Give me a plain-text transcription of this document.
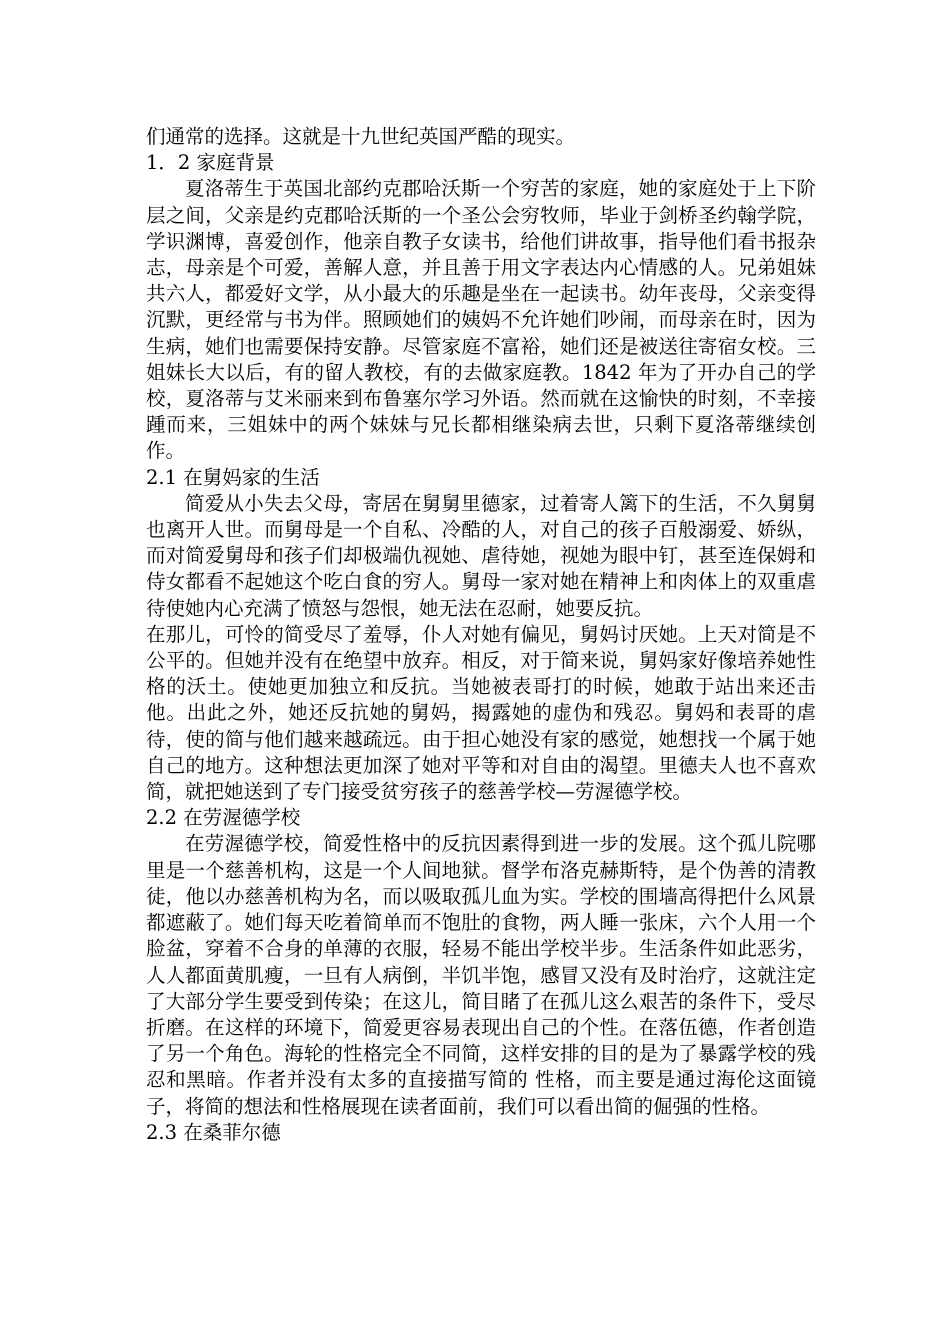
们通常的选择。这就是十九世纪英国严酷的现实。

1．2 家庭背景

夏洛蒂生于英国北部约克郡哈沃斯一个穷苦的家庭，她的家庭处于上下阶层之间，父亲是约克郡哈沃斯的一个圣公会穷牧师，毕业于剑桥圣约翰学院，学识渊博，喜爱创作，他亲自教子女读书，给他们讲故事，指导他们看书报杂志，母亲是个可爱，善解人意，并且善于用文字表达内心情感的人。兄弟姐妹共六人，都爱好文学，从小最大的乐趣是坐在一起读书。幼年丧母，父亲变得沉默，更经常与书为伴。照顾她们的姨妈不允许她们吵闹，而母亲在时，因为生病，她们也需要保持安静。尽管家庭不富裕，她们还是被送往寄宿女校。三姐妹长大以后，有的留人教校，有的去做家庭教。1842 年为了开办自己的学校，夏洛蒂与艾米丽来到布鲁塞尔学习外语。然而就在这愉快的时刻，不幸接踵而来，三姐妹中的两个妹妹与兄长都相继染病去世，只剩下夏洛蒂继续创作。

2.1 在舅妈家的生活

简爱从小失去父母，寄居在舅舅里德家，过着寄人篱下的生活，不久舅舅也离开人世。而舅母是一个自私、冷酷的人，对自己的孩子百般溺爱、娇纵，而对简爱舅母和孩子们却极端仇视她、虐待她，视她为眼中钉，甚至连保姆和侍女都看不起她这个吃白食的穷人。舅母一家对她在精神上和肉体上的双重虐待使她内心充满了愤怒与怨恨，她无法在忍耐，她要反抗。

在那儿，可怜的简受尽了羞辱，仆人对她有偏见，舅妈讨厌她。上天对简是不公平的。但她并没有在绝望中放弃。相反，对于简来说，舅妈家好像培养她性格的沃土。使她更加独立和反抗。当她被表哥打的时候，她敢于站出来还击他。出此之外，她还反抗她的舅妈，揭露她的虚伪和残忍。舅妈和表哥的虐待，使的简与他们越来越疏远。由于担心她没有家的感觉，她想找一个属于她自己的地方。这种想法更加深了她对平等和对自由的渴望。里德夫人也不喜欢简，就把她送到了专门接受贫穷孩子的慈善学校—劳渥德学校。

2.2 在劳渥德学校

在劳渥德学校，简爱性格中的反抗因素得到进一步的发展。这个孤儿院哪里是一个慈善机构，这是一个人间地狱。督学布洛克赫斯特，是个伪善的清教徒，他以办慈善机构为名，而以吸取孤儿血为实。学校的围墙高得把什么风景都遮蔽了。她们每天吃着简单而不饱肚的食物，两人睡一张床，六个人用一个脸盆，穿着不合身的单薄的衣服，轻易不能出学校半步。生活条件如此恶劣，人人都面黄肌瘦，一旦有人病倒，半饥半饱，感冒又没有及时治疗，这就注定了大部分学生要受到传染；在这儿，简目睹了在孤儿这么艰苦的条件下，受尽折磨。在这样的环境下，简爱更容易表现出自己的个性。在落伍德，作者创造了另一个角色。海轮的性格完全不同简，这样安排的目的是为了暴露学校的残忍和黑暗。作者并没有太多的直接描写简的 性格，而主要是通过海伦这面镜子，将简的想法和性格展现在读者面前，我们可以看出简的倔强的性格。

2.3 在桑菲尔德
